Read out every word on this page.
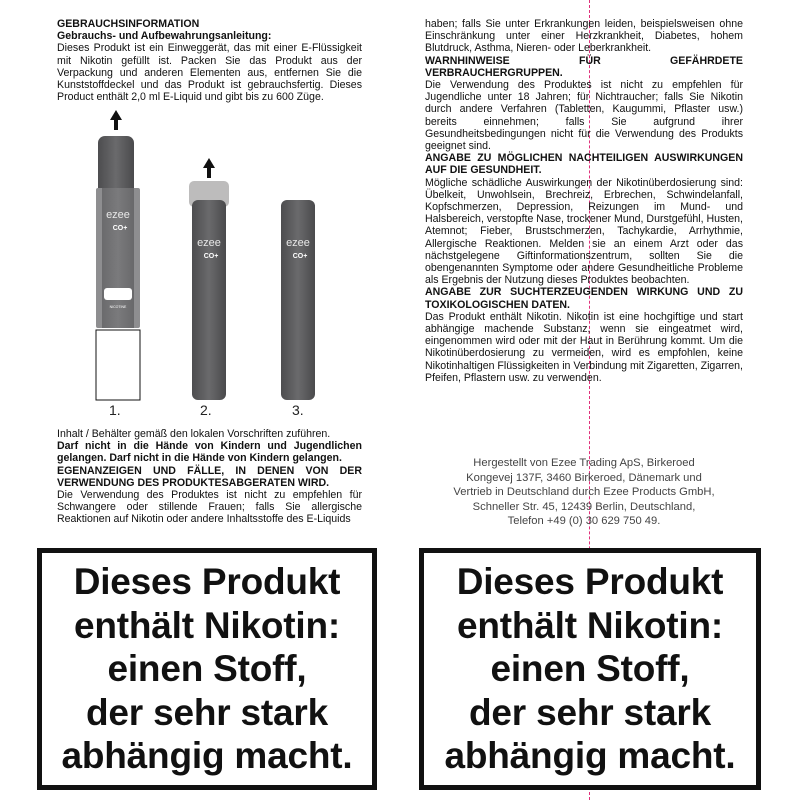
GEBRAUCHSINFORMATION

Gebrauchs- und Aufbewahrungsanleitung:

Dieses Produkt ist ein Einweggerät, das mit einer E-Flüssigkeit mit Nikotin gefüllt ist. Packen Sie das Produkt aus der Verpackung und anderen Elementen aus, entfernen Sie die Kunststoffdeckel und das Produkt ist gebrauchsfertig. Dieses Product enthält 2,0 ml E-Liquid und gibt bis zu 600 Züge.

ezee
CO+
NICOTINE
ezee
CO+
ezee
CO+
1.	2.	3.

Inhalt / Behälter gemäß den lokalen Vorschriften zuführen.

Darf nicht in die Hände von Kindern und Jugendlichen gelangen. Darf nicht in die Hände von Kindern gelangen.

EGENANZEIGEN UND FÄLLE, IN DENEN VON DER VERWENDUNG DES PRODUKTESABGERATEN WIRD.

Die Verwendung des Produktes ist nicht zu empfehlen für Schwangere oder stillende Frauen; falls Sie allergische Reaktionen auf Nikotin oder andere Inhaltsstoffe des E-Liquids

haben; falls Sie unter Erkrankungen leiden, beispielsweisen ohne Einschränkung unter einer Herzkrankheit, Diabetes, hohem Blutdruck, Asthma, Nieren- oder Leberkrankheit.

WARNHINWEISE FÜR GEFÄHRDETE VERBRAUCHERGRUPPEN.

Die Verwendung des Produktes ist nicht zu empfehlen für Jugendliche unter 18 Jahren; für Nichtraucher; falls Sie Nikotin durch andere Verfahren (Tabletten, Kaugummi, Pflaster usw.) bereits einnehmen; falls Sie aufgrund ihrer Gesundheitsbedingungen nicht für die Verwendung des Produkts geeignet sind.

ANGABE ZU MÖGLICHEN NACHTEILIGEN AUSWIRKUNGEN AUF DIE GESUNDHEIT.

Mögliche schädliche Auswirkungen der Nikotinüberdosierung sind: Übelkeit, Unwohlsein, Brechreiz, Erbrechen, Schwindelanfall, Kopfschmerzen, Depression, Reizungen im Mund- und Halsbereich, verstopfte Nase, trockener Mund, Durstgefühl, Husten, Atemnot; Fieber, Brustschmerzen, Tachykardie, Arrhythmie, Allergische Reaktionen. Melden sie an einem Arzt oder das nächstgelegene Giftinformationszentrum, sollten Sie die obengenannten Symptome oder andere Gesundheitliche Probleme als Ergebnis der Nutzung dieses Produktes beobachten.

ANGABE ZUR SUCHTERZEUGENDEN WIRKUNG UND ZU TOXIKOLOGISCHEN DATEN.

Das Produkt enthält Nikotin. Nikotin ist eine hochgiftige und start abhängige machende Substanz, wenn sie eingeatmet wird, eingenommen wird oder mit der Haut in Berührung kommt. Um die Nikotinüberdosierung zu vermeiden, wird es empfohlen, keine Nikotinhaltigen Flüssigkeiten in Verbindung mit Zigaretten, Zigarren, Pfeifen, Pflastern usw. zu verwenden.

Hergestellt von Ezee Trading ApS, Birkeroed
Kongevej 137F, 3460 Birkeroed, Dänemark und
Vertrieb in Deutschland durch Ezee Products GmbH,
Schneller Str. 45, 12439 Berlin, Deutschland,
Telefon +49 (0) 30 629 750 49.
Dieses Produkt
enthält Nikotin:
einen Stoff,
der sehr stark
abhängig macht.
Dieses Produkt
enthält Nikotin:
einen Stoff,
der sehr stark
abhängig macht.
